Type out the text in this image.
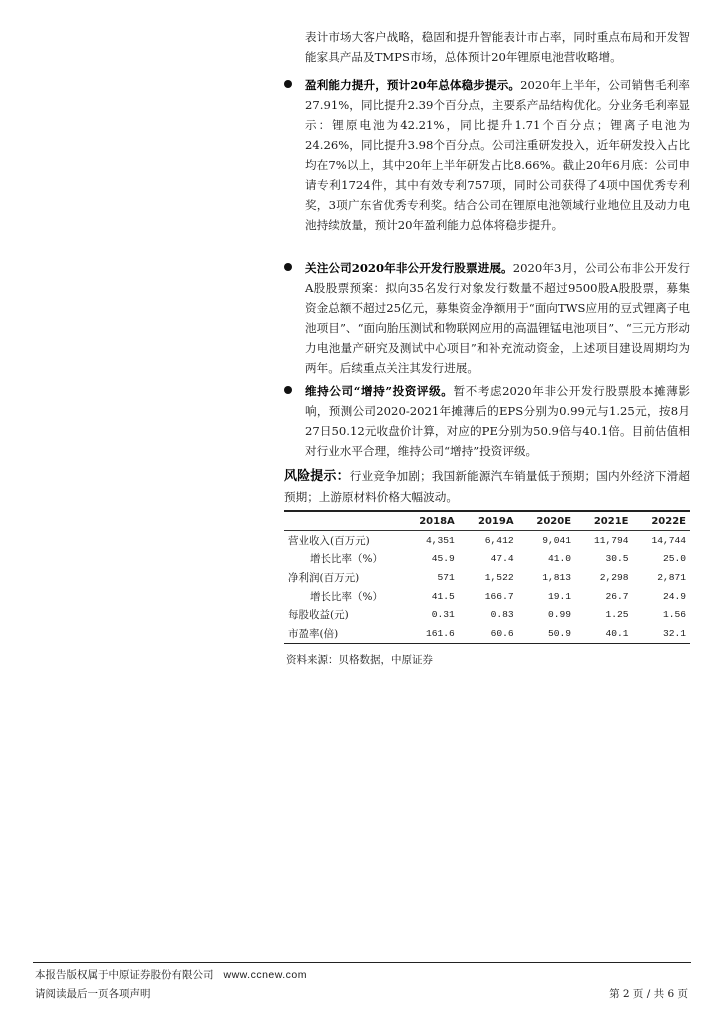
表计市场大客户战略，稳固和提升智能表计市占率，同时重点布局和开发智能家具产品及TMPS市场，总体预计20年锂原电池营收略增。
盈利能力提升，预计20年总体稳步提示。2020年上半年，公司销售毛利率27.91%，同比提升2.39个百分点，主要系产品结构优化。分业务毛利率显示：锂原电池为42.21%，同比提升1.71个百分点；锂离子电池为24.26%，同比提升3.98个百分点。公司注重研发投入，近年研发投入占比均在7%以上，其中20年上半年研发占比8.66%。截止20年6月底：公司申请专利1724件，其中有效专利757项，同时公司获得了4项中国优秀专利奖，3项广东省优秀专利奖。结合公司在锂原电池领域行业地位且及动力电池持续放量，预计20年盈利能力总体将稳步提升。
关注公司2020年非公开发行股票进展。2020年3月，公司公布非公开发行A股股票预案：拟向35名发行对象发行数量不超过9500股A股股票，募集资金总额不超过25亿元，募集资金净额用于“面向TWS应用的豆式锂离子电池项目”、“面向胎压测试和物联网应用的高温锂锰电池项目”、“三元方形动力电池量产研究及测试中心项目”和补充流动资金，上述项目建设周期均为两年。后续重点关注其发行进展。
维持公司“增持”投资评级。暂不考虑2020年非公开发行股票股本摊薄影响，预测公司2020-2021年摊薄后的EPS分别为0.99元与1.25元，按8月27日50.12元收盘价计算，对应的PE分别为50.9倍与40.1倍。目前估值相对行业水平合理，维持公司“增持”投资评级。
风险提示：行业竞争加剧；我国新能源汽车销量低于预期；国内外经济下滑超预期；上游原材料价格大幅波动。
	2018A	2019A	2020E	2021E	2022E
营业收入(百万元)	4,351	6,412	9,041	11,794	14,744
增长比率（%）	45.9	47.4	41.0	30.5	25.0
净利润(百万元)	571	1,522	1,813	2,298	2,871
增长比率（%）	41.5	166.7	19.1	26.7	24.9
每股收益(元)	0.31	0.83	0.99	1.25	1.56
市盈率(倍)	161.6	60.6	50.9	40.1	32.1
资料来源：贝格数据，中原证券
本报告版权属于中原证券股份有限公司 www.ccnew.com
请阅读最后一页各项声明	第 2 页 / 共 6 页
